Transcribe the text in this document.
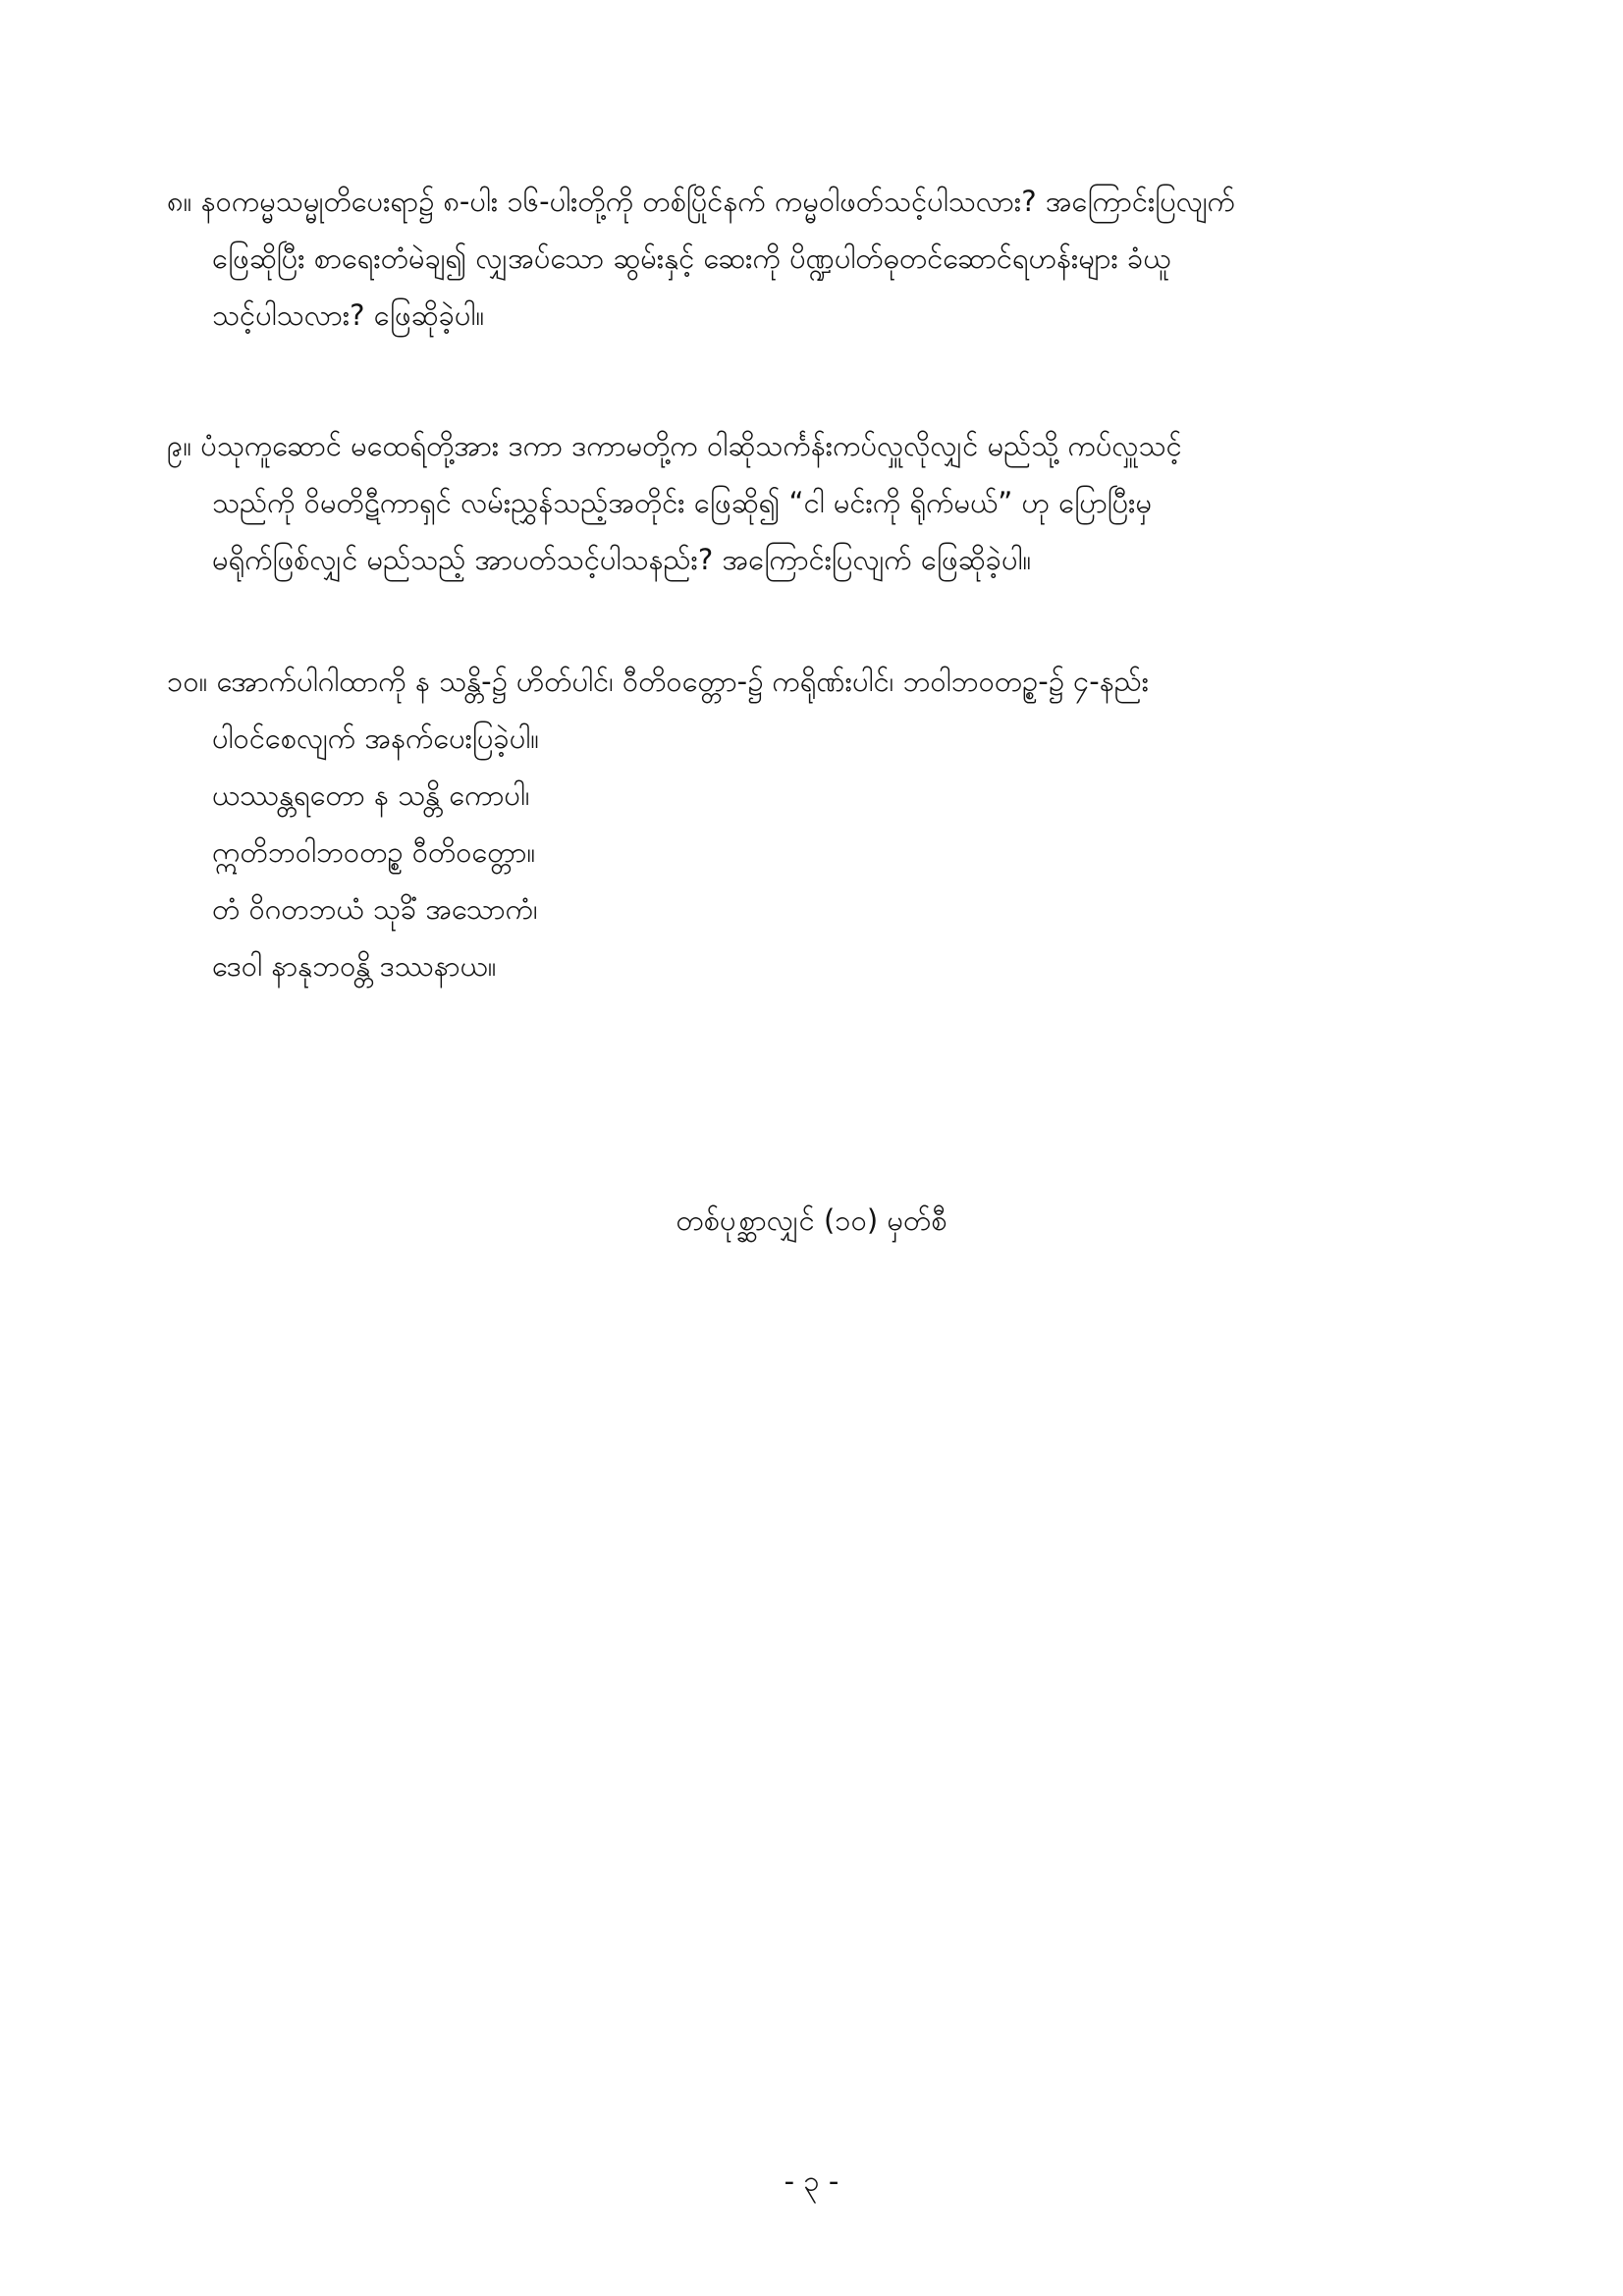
၈။ နဝကမ္မသမ္မုတိပေးရာ၌ ၈-ပါး ၁၆-ပါးတို့ကို တစ်ပြိုင်နက် ကမ္မဝါဖတ်သင့်ပါသလား? အကြောင်းပြလျက်
ဖြေဆိုပြီး စာရေးတံမဲချ၍ လျှအပ်သော ဆွမ်းနှင့် ဆေးကို ပိဏ္ဍပါတ်ဓုတင်ဆောင်ရဟန်းများ ခံယူ
သင့်ပါသလား? ဖြေဆိုခဲ့ပါ။
၉။ ပံသုကူဆောင် မထေရ်တို့အား ဒကာ ဒကာမတို့က ဝါဆိုသင်္ကန်းကပ်လှူလိုလျှင် မည်သို့ ကပ်လှူသင့်
သည်ကို ဝိမတိဋီကာရှင် လမ်းညွှန်သည့်အတိုင်း ဖြေဆို၍ “ငါ မင်းကို ရိုက်မယ်” ဟု ပြောပြီးမှ
မရိုက်ဖြစ်လျှင် မည်သည့် အာပတ်သင့်ပါသနည်း? အကြောင်းပြလျက် ဖြေဆိုခဲ့ပါ။
၁၀။ အောက်ပါဂါထာကို န သန္တိ-၌ ဟိတ်ပါင်၊ ဝီတိဝတ္တော-၌ ကရိုဏ်းပါင်၊ ဘဝါဘဝတဥ္စ-၌ ၄-နည်း
ပါဝင်စေလျက် အနက်ပေးပြခဲ့ပါ။
ယဿန္တရတော န သန္တိ ကောပါ၊
ဣတိဘဝါဘဝတဉ္စ ဝီတိဝတ္တော။
တံ ဝိဂတဘယံ သုခိံ အသောကံ၊
ဒေဝါ နာနုဘဝန္တိ ဒဿနာယ။
တစ်ပုစ္ဆာလျှင် (၁၀) မှတ်စီ
- ၃ -
